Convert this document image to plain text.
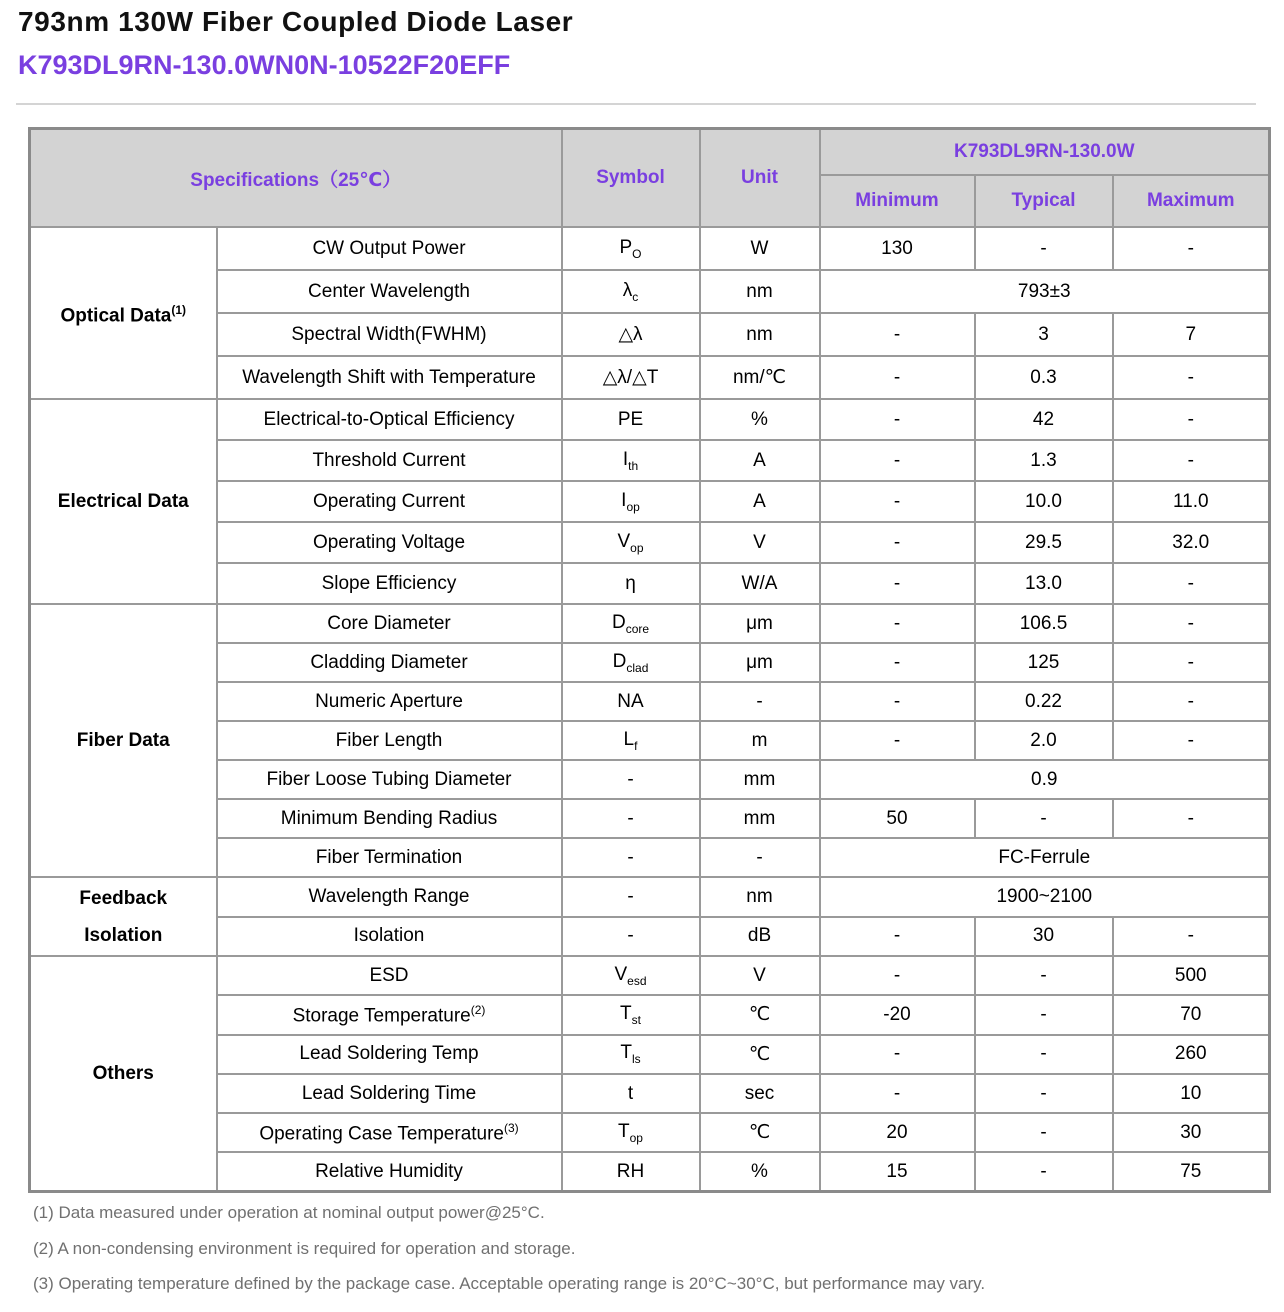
793nm 130W Fiber Coupled Diode Laser
K793DL9RN-130.0WN0N-10522F20EFF
Specifications（25℃）		Symbol	Unit	K793DL9RN-130.0W		
				Minimum	Typical	Maximum
Optical Data$^{(1)}$	CW Output Power	$P_O$	W	130	-	-
	Center Wavelength	$\lambda_c$	nm	793±3		
	Spectral Width(FWHM)	△λ	nm	-	3	7
	Wavelength Shift with Temperature	△λ/△T	nm/℃	-	0.3	-
Electrical Data	Electrical-to-Optical Efficiency	PE	%	-	42	-
	Threshold Current	$I_{th}$	A	-	1.3	-
	Operating Current	$I_{op}$	A	-	10.0	11.0
	Operating Voltage	$V_{op}$	V	-	29.5	32.0
	Slope Efficiency	η	W/A	-	13.0	-
Fiber Data	Core Diameter	$D_{core}$	μm	-	106.5	-
	Cladding Diameter	$D_{clad}$	μm	-	125	-
	Numeric Aperture	NA	-	-	0.22	-
	Fiber Length	$L_f$	m	-	2.0	-
	Fiber Loose Tubing Diameter	-	mm	0.9		
	Minimum Bending Radius	-	mm	50	-	-
	Fiber Termination	-	-	FC-Ferrule		

Feedback
Isolation	Wavelength Range	-	nm	1900~2100		
	Isolation	-	dB	-	30	-
Others	ESD	$V_{esd}$	V	-	-	500
	Storage Temperature$^{(2)}$	$T_{st}$	℃	-20	-	70
	Lead Soldering Temp	$T_{ls}$	℃	-	-	260
	Lead Soldering Time	t	sec	-	-	10
	Operating Case Temperature$^{(3)}$	$T_{op}$	℃	20	-	30
	Relative Humidity	RH	%	15	-	75
(1) Data measured under operation at nominal output power@25°C.
(2) A non-condensing environment is required for operation and storage.
(3) Operating temperature defined by the package case. Acceptable operating range is 20°C~30°C, but performance may vary.
